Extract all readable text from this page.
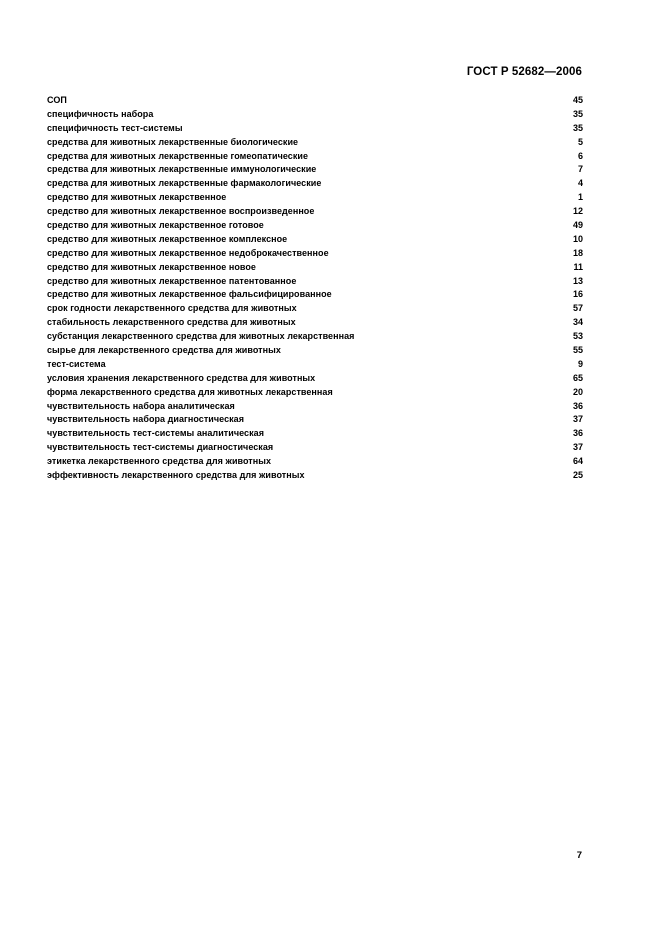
ГОСТ Р 52682—2006
СОП	45
специфичность набора	35
специфичность тест-системы	35
средства для животных лекарственные биологические	5
средства для животных лекарственные гомеопатические	6
средства для животных лекарственные иммунологические	7
средства для животных лекарственные фармакологические	4
средство для животных лекарственное	1
средство для животных лекарственное воспроизведенное	12
средство для животных лекарственное готовое	49
средство для животных лекарственное комплексное	10
средство для животных лекарственное недоброкачественное	18
средство для животных лекарственное новое	11
средство для животных лекарственное патентованное	13
средство для животных лекарственное фальсифицированное	16
срок годности лекарственного средства для животных	57
стабильность лекарственного средства для животных	34
субстанция лекарственного средства для животных лекарственная	53
сырье для лекарственного средства для животных	55
тест-система	9
условия хранения лекарственного средства для животных	65
форма лекарственного средства для животных лекарственная	20
чувствительность набора аналитическая	36
чувствительность набора диагностическая	37
чувствительность тест-системы аналитическая	36
чувствительность тест-системы диагностическая	37
этикетка лекарственного средства для животных	64
эффективность лекарственного средства для животных	25
7
